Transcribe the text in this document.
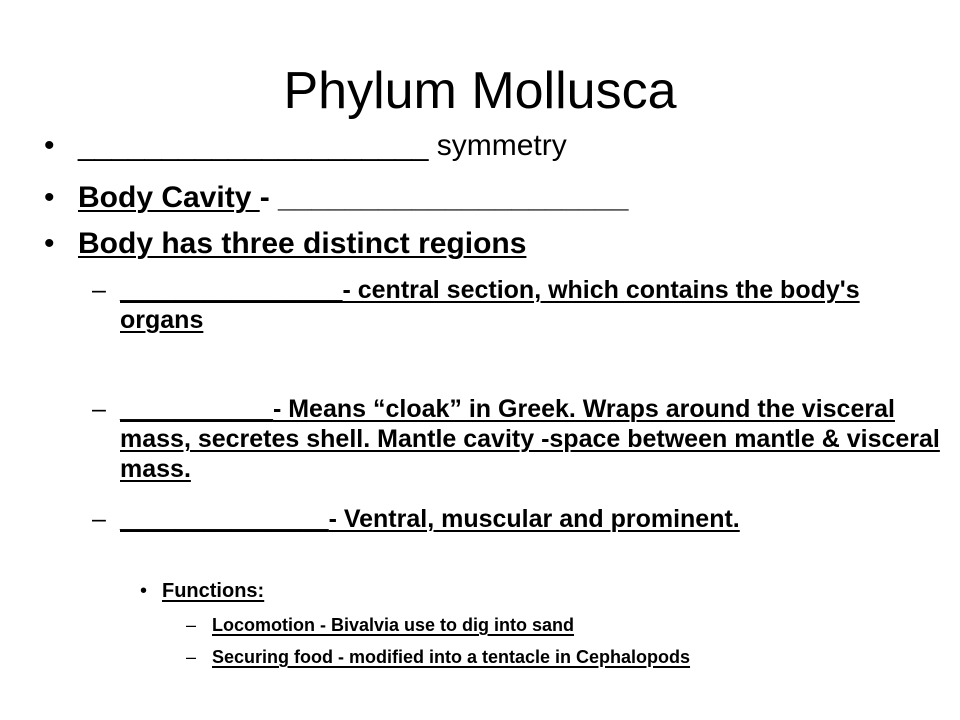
Phylum Mollusca
• _____________________ symmetry
• Body Cavity - _____________________
• Body has three distinct regions
– ________________- central section, which contains the body's organs
– ___________- Means “cloak” in Greek. Wraps around the visceral mass, secretes shell. Mantle cavity -space between mantle & visceral mass.
– _______________- Ventral, muscular and prominent.
• Functions:
– Locomotion - Bivalvia use to dig into sand
– Securing food - modified into a tentacle in Cephalopods
